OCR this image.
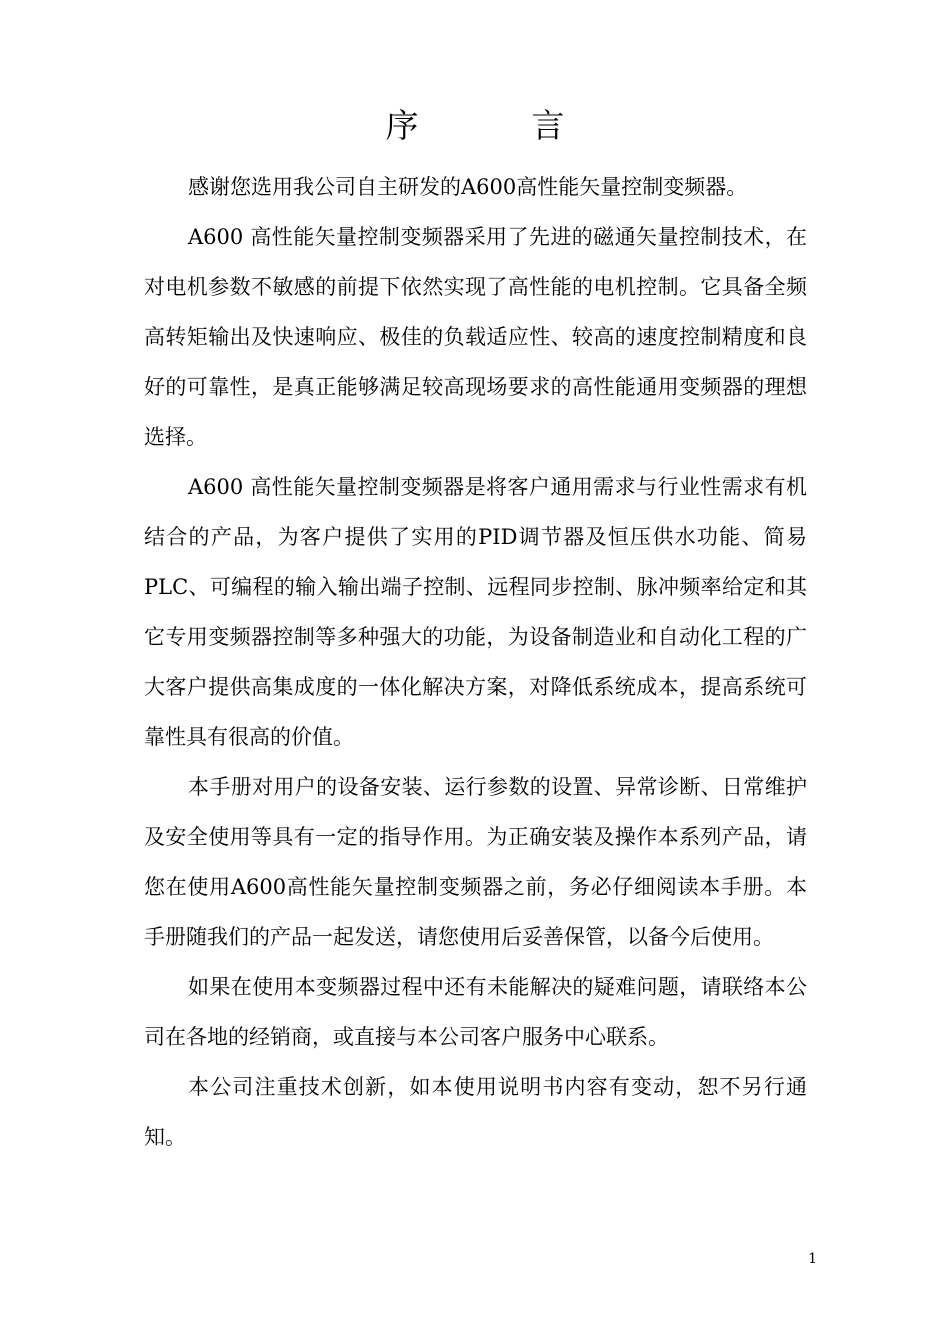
序　言

感谢您选用我公司自主研发的A600高性能矢量控制变频器。

A600 高性能矢量控制变频器采用了先进的磁通矢量控制技术，在对电机参数不敏感的前提下依然实现了高性能的电机控制。它具备全频高转矩输出及快速响应、极佳的负载适应性、较高的速度控制精度和良好的可靠性，是真正能够满足较高现场要求的高性能通用变频器的理想选择。

A600 高性能矢量控制变频器是将客户通用需求与行业性需求有机结合的产品，为客户提供了实用的PID调节器及恒压供水功能、简易PLC、可编程的输入输出端子控制、远程同步控制、脉冲频率给定和其它专用变频器控制等多种强大的功能，为设备制造业和自动化工程的广大客户提供高集成度的一体化解决方案，对降低系统成本，提高系统可靠性具有很高的价值。

本手册对用户的设备安装、运行参数的设置、异常诊断、日常维护及安全使用等具有一定的指导作用。为正确安装及操作本系列产品，请您在使用A600高性能矢量控制变频器之前，务必仔细阅读本手册。本手册随我们的产品一起发送，请您使用后妥善保管，以备今后使用。

如果在使用本变频器过程中还有未能解决的疑难问题，请联络本公司在各地的经销商，或直接与本公司客户服务中心联系。

本公司注重技术创新，如本使用说明书内容有变动，恕不另行通知。

1
